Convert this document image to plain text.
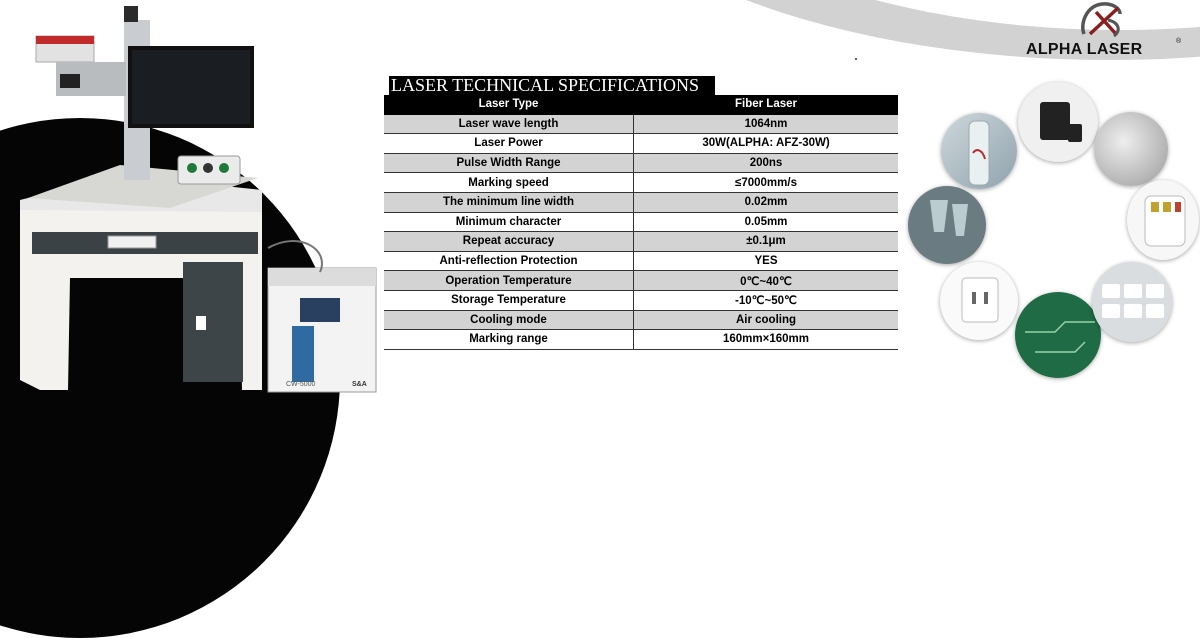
CW-5000	S&A
LASER TECHNICAL SPECIFICATIONS
Laser Type	Fiber Laser
Laser wave length	1064nm
Laser Power	30W(ALPHA: AFZ-30W)
Pulse Width Range	200ns
Marking speed	≤7000mm/s
The minimum line width	0.02mm
Minimum character	0.05mm
Repeat accuracy	±0.1μm
Anti-reflection Protection	YES
Operation Temperature	0℃~40℃
Storage Temperature	-10℃~50℃
Cooling mode	Air cooling
Marking range	160mm×160mm
ALPHA LASER	®
